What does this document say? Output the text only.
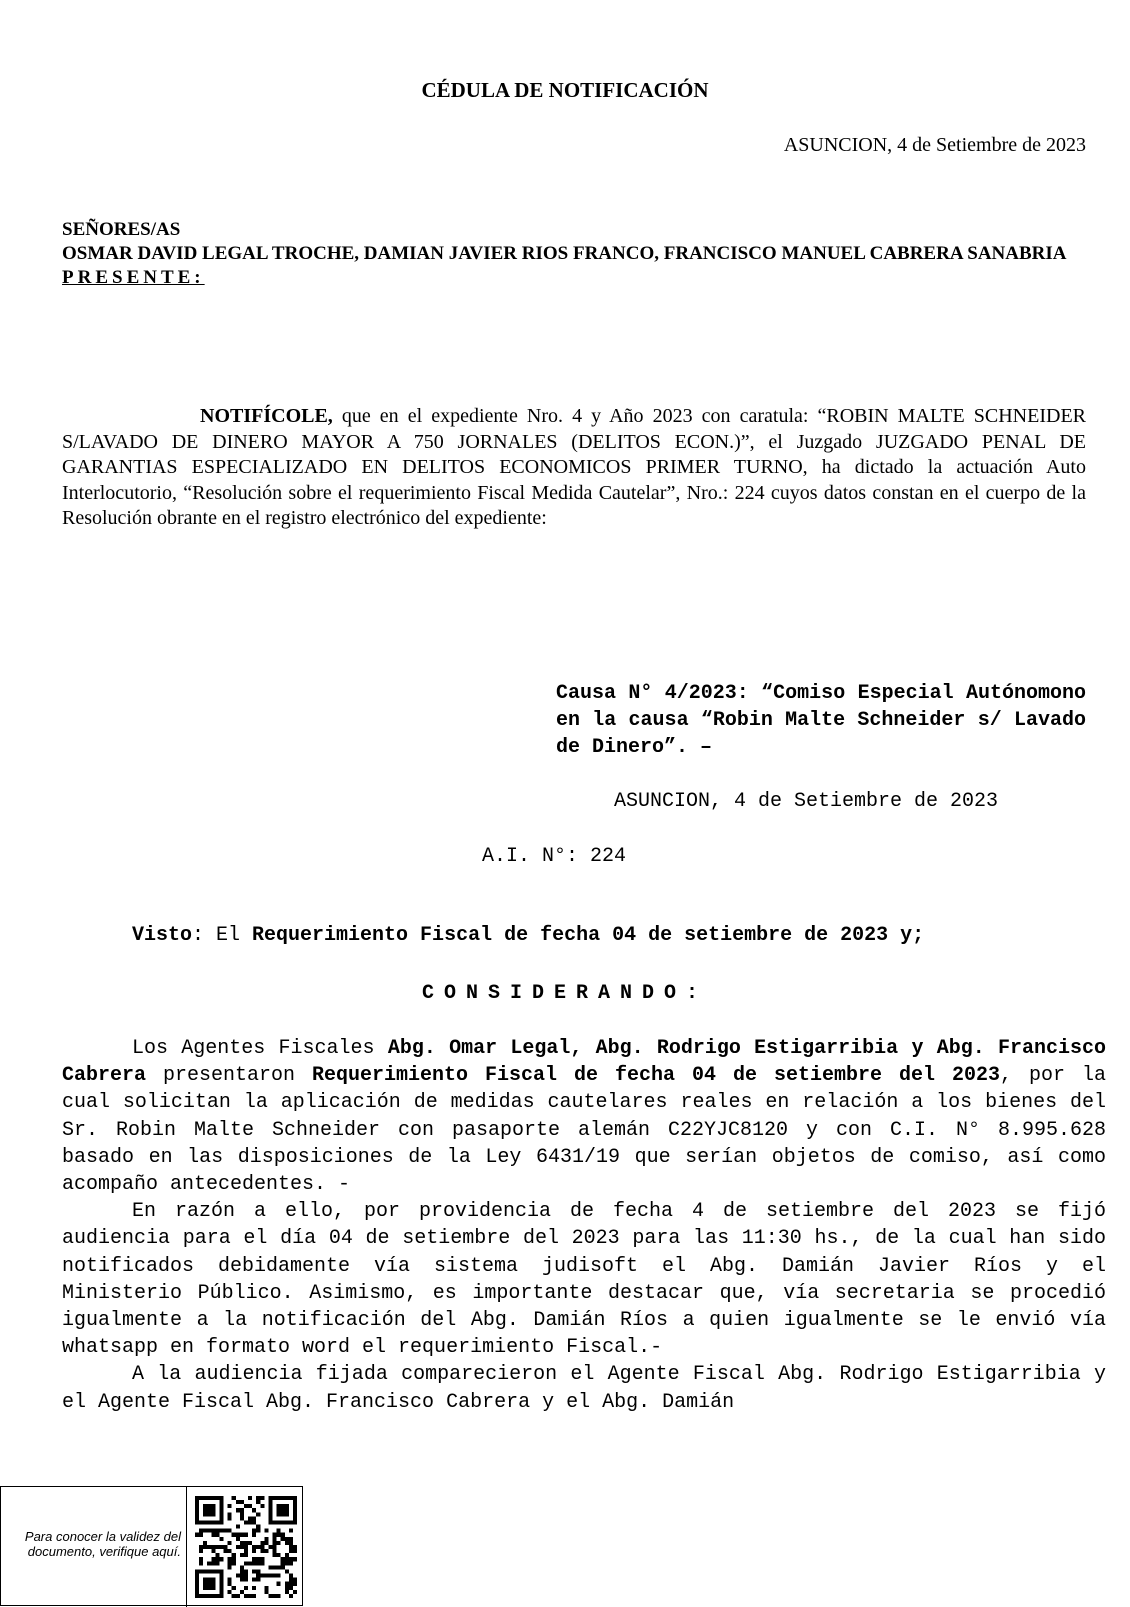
CÉDULA DE NOTIFICACIÓN
ASUNCION, 4 de Setiembre de 2023
SEÑORES/AS
OSMAR DAVID LEGAL TROCHE, DAMIAN JAVIER RIOS FRANCO, FRANCISCO MANUEL CABRERA SANABRIA
PRESENTE:
NOTIFÍCOLE, que en el expediente Nro. 4 y Año 2023 con caratula: “ROBIN MALTE SCHNEIDER S/LAVADO DE DINERO MAYOR A 750 JORNALES (DELITOS ECON.)”, el Juzgado JUZGADO PENAL DE GARANTIAS ESPECIALIZADO EN DELITOS ECONOMICOS PRIMER TURNO, ha dictado la actuación Auto Interlocutorio, “Resolución sobre el requerimiento Fiscal Medida Cautelar”, Nro.: 224 cuyos datos constan en el cuerpo de la Resolución obrante en el registro electrónico del expediente:
Causa N° 4/2023: “Comiso Especial Autónomono en la causa “Robin Malte Schneider s/ Lavado de Dinero”. –
ASUNCION, 4 de Setiembre de 2023
A.I. N°: 224
Visto: El Requerimiento Fiscal de fecha 04 de setiembre de 2023 y;
CONSIDERANDO:

Los Agentes Fiscales Abg. Omar Legal, Abg. Rodrigo Estigarribia y Abg. Francisco Cabrera presentaron Requerimiento Fiscal de fecha 04 de setiembre del 2023, por la cual solicitan la aplicación de medidas cautelares reales en relación a los bienes del Sr. Robin Malte Schneider con pasaporte alemán C22YJC8120 y con C.I. N° 8.995.628 basado en las disposiciones de la Ley 6431/19 que serían objetos de comiso, así como acompaño antecedentes. -

En razón a ello, por providencia de fecha 4 de setiembre del 2023 se fijó audiencia para el día 04 de setiembre del 2023 para las 11:30 hs., de la cual han sido notificados debidamente vía sistema judisoft el Abg. Damián Javier Ríos y el Ministerio Público. Asimismo, es importante destacar que, vía secretaria se procedió igualmente a la notificación del Abg. Damián Ríos a quien igualmente se le envió vía whatsapp en formato word el requerimiento Fiscal.-

A la audiencia fijada comparecieron el Agente Fiscal Abg. Rodrigo Estigarribia y el Agente Fiscal Abg. Francisco Cabrera y el Abg. Damián

Para conocer la validez del documento, verifique aquí.
